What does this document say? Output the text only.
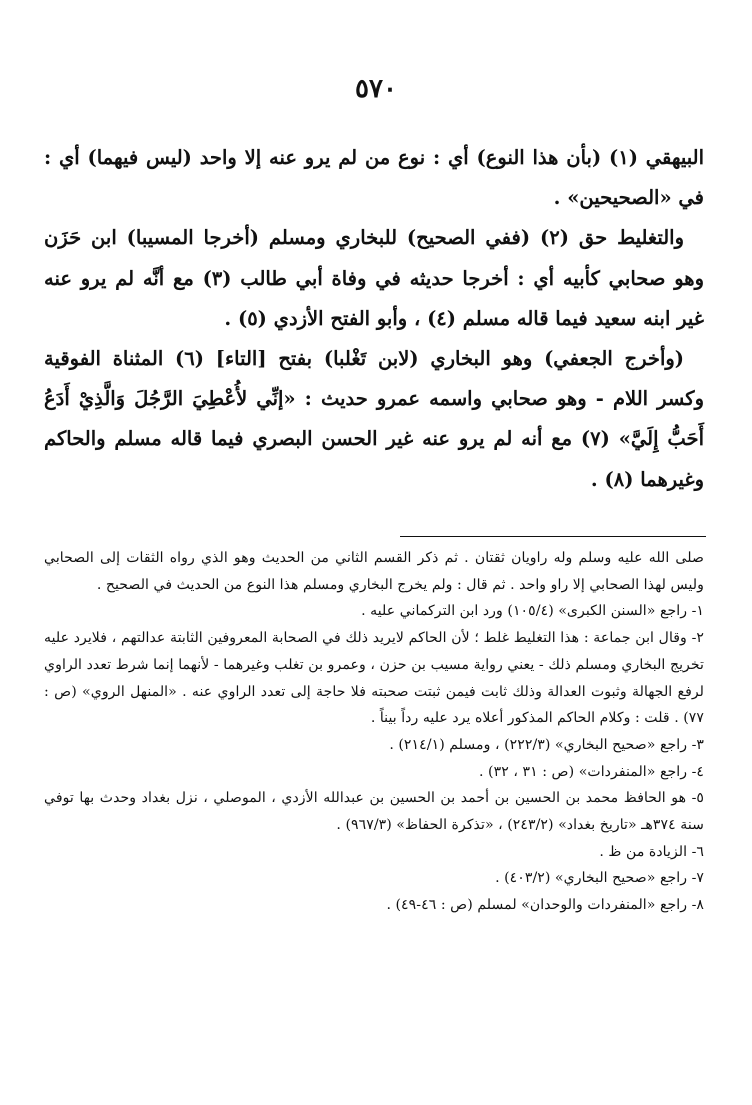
٥٧٠

البيهقي (١) (بأن هذا النوع) أي : نوع من لم يرو عنه إلا واحد (ليس فيهما) أي : في «الصحيحين» .

والتغليط حق (٢) (ففي الصحيح) للبخاري ومسلم (أخرجا المسيبا) ابن حَزَن وهو صحابي كأبيه أي : أخرجا حديثه في وفاة أبي طالب (٣) مع أنَّه لم يرو عنه غير ابنه سعيد فيما قاله مسلم (٤) ، وأبو الفتح الأزدي (٥) .

(وأخرج الجعفي) وهو البخاري (لابن تَغْلبا) بفتح [التاء] (٦) المثناة الفوقية وكسر اللام - وهو صحابي واسمه عمرو حديث : «إنِّي لأُعْطِيَ الرَّجُلَ وَالَّذِيْ أَدَعُ أَحَبُّ إِلَيَّ» (٧) مع أنه لم يرو عنه غير الحسن البصري فيما قاله مسلم والحاكم وغيرهما (٨) .

صلى الله عليه وسلم وله راويان ثقتان . ثم ذكر القسم الثاني من الحديث وهو الذي رواه الثقات إلى الصحابي وليس لهذا الصحابي إلا راو واحد . ثم قال : ولم يخرج البخاري ومسلم هذا النوع من الحديث في الصحيح .

١- راجع «السنن الكبرى» (١٠٥/٤) ورد ابن التركماني عليه .

٢- وقال ابن جماعة : هذا التغليط غلط ؛ لأن الحاكم لايريد ذلك في الصحابة المعروفين الثابتة عدالتهم ، فلايرد عليه تخريج البخاري ومسلم ذلك - يعني رواية مسيب بن حزن ، وعمرو بن تغلب وغيرهما - لأنهما إنما شرط تعدد الراوي لرفع الجهالة وثبوت العدالة وذلك ثابت فيمن ثبتت صحبته فلا حاجة إلى تعدد الراوي عنه . «المنهل الروي» (ص : ٧٧) . قلت : وكلام الحاكم المذكور أعلاه يرد عليه رداً بيناً .

٣- راجع «صحيح البخاري» (٢٢٢/٣) ، ومسلم (٢١٤/١) .

٤- راجع «المنفردات» (ص : ٣١ ، ٣٢) .

٥- هو الحافظ محمد بن الحسين بن أحمد بن الحسين بن عبدالله الأزدي ، الموصلي ، نزل بغداد وحدث بها توفي سنة ٣٧٤هـ «تاريخ بغداد» (٢٤٣/٢) ، «تذكرة الحفاظ» (٩٦٧/٣) .

٦- الزيادة من ظ .

٧- راجع «صحيح البخاري» (٤٠٣/٢) .

٨- راجع «المنفردات والوحدان» لمسلم (ص : ٤٦-٤٩) .
